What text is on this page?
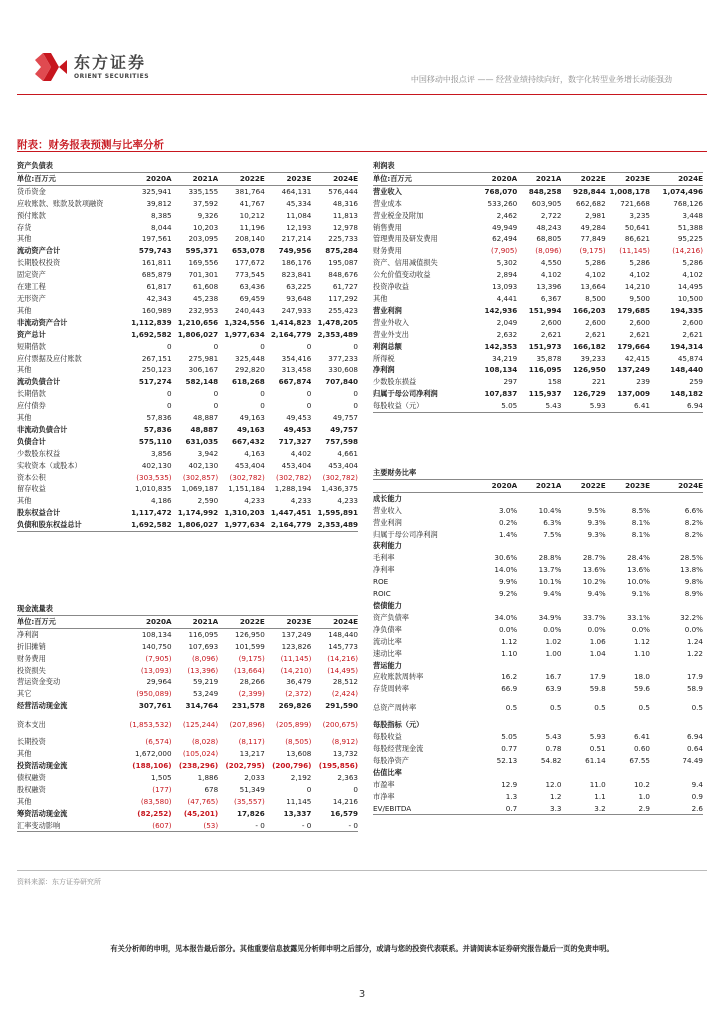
东方证券
ORIENT SECURITIES	中国移动中报点评 —— 经营业绩持续向好，数字化转型业务增长动能强劲
附表：财务报表预测与比率分析
资产负债表					
单位:百万元	2020A	2021A	2022E	2023E	2024E
货币资金	325,941	335,155	381,764	464,131	576,444
应收账款、账款及款项融资	39,812	37,592	41,767	45,334	48,316
预付账款	8,385	9,326	10,212	11,084	11,813
存货	8,044	10,203	11,196	12,193	12,978
其他	197,561	203,095	208,140	217,214	225,733
流动资产合计	579,743	595,371	653,078	749,956	875,284
长期股权投资	161,811	169,556	177,672	186,176	195,087
固定资产	685,879	701,301	773,545	823,841	848,676
在建工程	61,817	61,608	63,436	63,225	61,727
无形资产	42,343	45,238	69,459	93,648	117,292
其他	160,989	232,953	240,443	247,933	255,423
非流动资产合计	1,112,839	1,210,656	1,324,556	1,414,823	1,478,205
资产总计	1,692,582	1,806,027	1,977,634	2,164,779	2,353,489
短期借款	0	0	0	0	0
应付票据及应付账款	267,151	275,981	325,448	354,416	377,233
其他	250,123	306,167	292,820	313,458	330,608
流动负债合计	517,274	582,148	618,268	667,874	707,840
长期借款	0	0	0	0	0
应付债券	0	0	0	0	0
其他	57,836	48,887	49,163	49,453	49,757
非流动负债合计	57,836	48,887	49,163	49,453	49,757
负债合计	575,110	631,035	667,432	717,327	757,598
少数股东权益	3,856	3,942	4,163	4,402	4,661
实收资本（或股本）	402,130	402,130	453,404	453,404	453,404
资本公积	(303,535)	(302,857)	(302,782)	(302,782)	(302,782)
留存收益	1,010,835	1,069,187	1,151,184	1,288,194	1,436,375
其他	4,186	2,590	4,233	4,233	4,233
股东权益合计	1,117,472	1,174,992	1,310,203	1,447,451	1,595,891
负债和股东权益总计	1,692,582	1,806,027	1,977,634	2,164,779	2,353,489
现金流量表					
单位:百万元	2020A	2021A	2022E	2023E	2024E
净利润	108,134	116,095	126,950	137,249	148,440
折旧摊销	140,750	107,693	101,599	123,826	145,773
财务费用	(7,905)	(8,096)	(9,175)	(11,145)	(14,216)
投资损失	(13,093)	(13,396)	(13,664)	(14,210)	(14,495)
营运资金变动	29,964	59,219	28,266	36,479	28,512
其它	(950,089)	53,249	(2,399)	(2,372)	(2,424)
经营活动现金流	307,761	314,764	231,578	269,826	291,590
资本支出	(1,853,532)	(125,244)	(207,896)	(205,899)	(200,675)
长期投资	(6,574)	(8,028)	(8,117)	(8,505)	(8,912)
其他	1,672,000	(105,024)	13,217	13,608	13,732
投资活动现金流	(188,106)	(238,296)	(202,795)	(200,796)	(195,856)
债权融资	1,505	1,886	2,033	2,192	2,363
股权融资	(177)	678	51,349	0	0
其他	(83,580)	(47,765)	(35,557)	11,145	14,216
筹资活动现金流	(82,252)	(45,201)	17,826	13,337	16,579
汇率变动影响	(607)	(53)	- 0	- 0	- 0
利润表					
单位:百万元	2020A	2021A	2022E	2023E	2024E
营业收入	768,070	848,258	928,844	1,008,178	1,074,496
营业成本	533,260	603,905	662,682	721,668	768,126
营业税金及附加	2,462	2,722	2,981	3,235	3,448
销售费用	49,949	48,243	49,284	50,641	51,388
管理费用及研发费用	62,494	68,805	77,849	86,621	95,225
财务费用	(7,905)	(8,096)	(9,175)	(11,145)	(14,216)
资产、信用减值损失	5,302	4,550	5,286	5,286	5,286
公允价值变动收益	2,894	4,102	4,102	4,102	4,102
投资净收益	13,093	13,396	13,664	14,210	14,495
其他	4,441	6,367	8,500	9,500	10,500
营业利润	142,936	151,994	166,203	179,685	194,335
营业外收入	2,049	2,600	2,600	2,600	2,600
营业外支出	2,632	2,621	2,621	2,621	2,621
利润总额	142,353	151,973	166,182	179,664	194,314
所得税	34,219	35,878	39,233	42,415	45,874
净利润	108,134	116,095	126,950	137,249	148,440
少数股东损益	297	158	221	239	259
归属于母公司净利润	107,837	115,937	126,729	137,009	148,182
每股收益（元）	5.05	5.43	5.93	6.41	6.94
主要财务比率					
	2020A	2021A	2022E	2023E	2024E
成长能力					
营业收入	3.0%	10.4%	9.5%	8.5%	6.6%
营业利润	0.2%	6.3%	9.3%	8.1%	8.2%
归属于母公司净利润	1.4%	7.5%	9.3%	8.1%	8.2%
获利能力					
毛利率	30.6%	28.8%	28.7%	28.4%	28.5%
净利率	14.0%	13.7%	13.6%	13.6%	13.8%
ROE	9.9%	10.1%	10.2%	10.0%	9.8%
ROIC	9.2%	9.4%	9.4%	9.1%	8.9%
偿债能力					
资产负债率	34.0%	34.9%	33.7%	33.1%	32.2%
净负债率	0.0%	0.0%	0.0%	0.0%	0.0%
流动比率	1.12	1.02	1.06	1.12	1.24
速动比率	1.10	1.00	1.04	1.10	1.22
营运能力					
应收账款周转率	16.2	16.7	17.9	18.0	17.9
存货周转率	66.9	63.9	59.8	59.6	58.9
总资产周转率	0.5	0.5	0.5	0.5	0.5
每股指标（元）					
每股收益	5.05	5.43	5.93	6.41	6.94
每股经营现金流	0.77	0.78	0.51	0.60	0.64
每股净资产	52.13	54.82	61.14	67.55	74.49
估值比率					
市盈率	12.9	12.0	11.0	10.2	9.4
市净率	1.3	1.2	1.1	1.0	0.9
EV/EBITDA	0.7	3.3	3.2	2.9	2.6
资料来源：东方证券研究所
有关分析师的申明，见本报告最后部分。其他重要信息披露见分析师申明之后部分，或请与您的投资代表联系。并请阅读本证券研究报告最后一页的免责申明。
3
